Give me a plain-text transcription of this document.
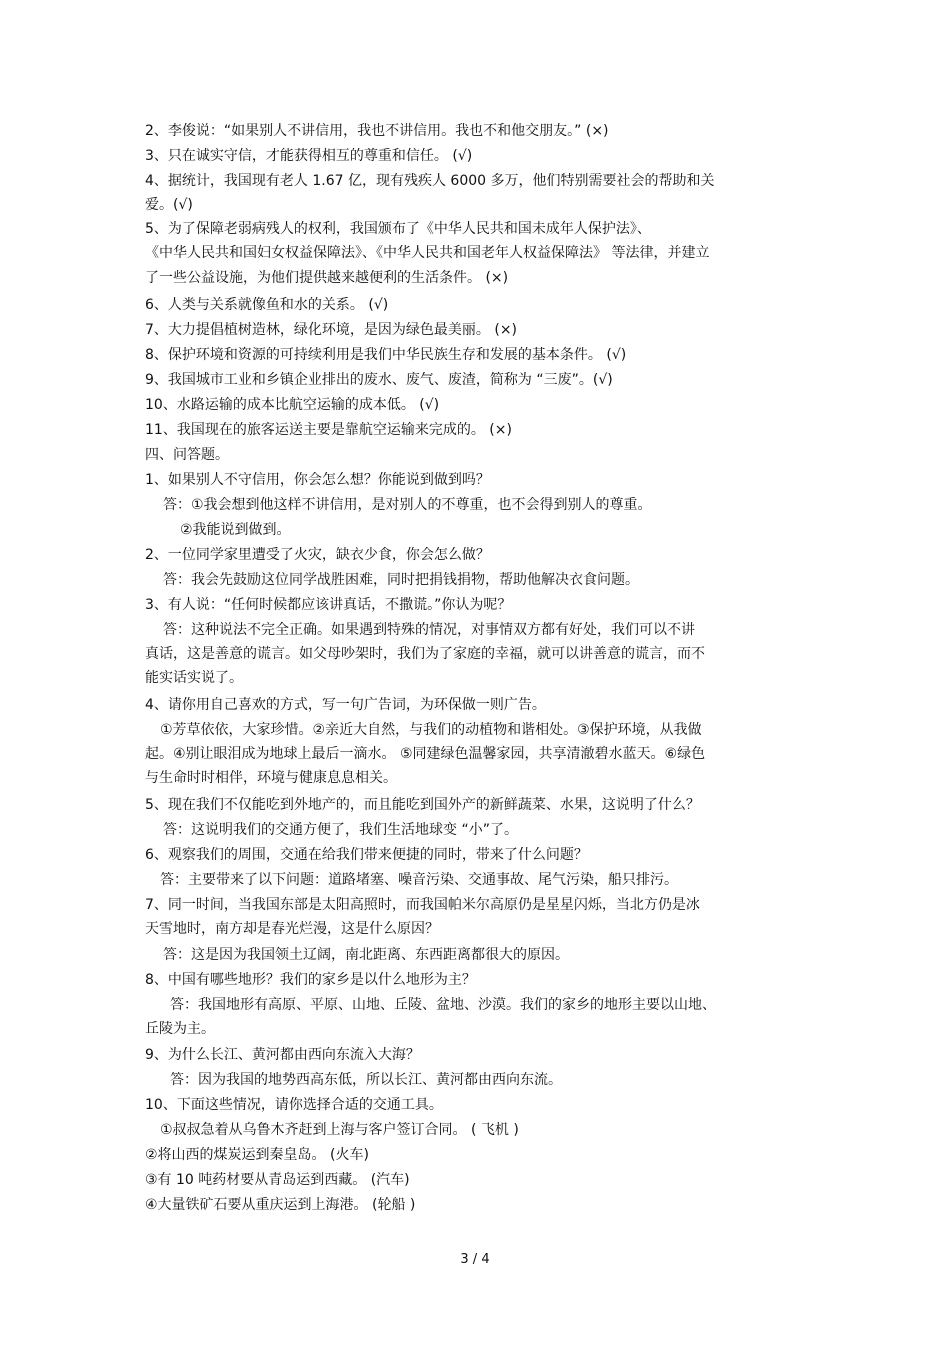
2、李俊说：“如果别人不讲信用，我也不讲信用。我也不和他交朋友。” (×)
3、只在诚实守信，才能获得相互的尊重和信任。 (√)
4、据统计，我国现有老人 1.67 亿，现有残疾人 6000 多万，他们特别需要社会的帮助和关
爱。(√)
5、为了保障老弱病残人的权利，我国颁布了《中华人民共和国未成年人保护法》、
《中华人民共和国妇女权益保障法》、《中华人民共和国老年人权益保障法》 等法律，并建立
了一些公益设施，为他们提供越来越便利的生活条件。 (×)
6、人类与关系就像鱼和水的关系。 (√)
7、大力提倡植树造林，绿化环境，是因为绿色最美丽。 (×)
8、保护环境和资源的可持续利用是我们中华民族生存和发展的基本条件。 (√)
9、我国城市工业和乡镇企业排出的废水、废气、废渣，简称为 “三废”。(√)
10、水路运输的成本比航空运输的成本低。 (√)
11、我国现在的旅客运送主要是靠航空运输来完成的。 (×)
四、问答题。
1、如果别人不守信用，你会怎么想？你能说到做到吗？
答：①我会想到他这样不讲信用，是对别人的不尊重，也不会得到别人的尊重。
②我能说到做到。
2、一位同学家里遭受了火灾，缺衣少食，你会怎么做？
答：我会先鼓励这位同学战胜困难，同时把捐钱捐物，帮助他解决衣食问题。
3、有人说：“任何时候都应该讲真话，不撒谎。”你认为呢？
答：这种说法不完全正确。如果遇到特殊的情况，对事情双方都有好处，我们可以不讲
真话，这是善意的谎言。如父母吵架时，我们为了家庭的幸福，就可以讲善意的谎言，而不
能实话实说了。
4、请你用自己喜欢的方式，写一句广告词，为环保做一则广告。
①芳草依依，大家珍惜。②亲近大自然，与我们的动植物和谐相处。③保护环境，从我做
起。④别让眼泪成为地球上最后一滴水。 ⑤同建绿色温馨家园，共享清澈碧水蓝天。⑥绿色
与生命时时相伴，环境与健康息息相关。
5、现在我们不仅能吃到外地产的，而且能吃到国外产的新鲜蔬菜、水果，这说明了什么？
答：这说明我们的交通方便了，我们生活地球变 “小”了。
6、观察我们的周围，交通在给我们带来便捷的同时，带来了什么问题？
答：主要带来了以下问题：道路堵塞、噪音污染、交通事故、尾气污染，船只排污。
7、同一时间，当我国东部是太阳高照时，而我国帕米尔高原仍是星星闪烁，当北方仍是冰
天雪地时，南方却是春光烂漫，这是什么原因？
答：这是因为我国领土辽阔，南北距离、东西距离都很大的原因。
8、中国有哪些地形？我们的家乡是以什么地形为主？
答：我国地形有高原、平原、山地、丘陵、盆地、沙漠。我们的家乡的地形主要以山地、
丘陵为主。
9、为什么长江、黄河都由西向东流入大海？
答：因为我国的地势西高东低，所以长江、黄河都由西向东流。
10、下面这些情况，请你选择合适的交通工具。
①叔叔急着从乌鲁木齐赶到上海与客户签订合同。 ( 飞机 )
②将山西的煤炭运到秦皇岛。 (火车)
③有 10 吨药材要从青岛运到西藏。 (汽车)
④大量铁矿石要从重庆运到上海港。 (轮船 )
3 / 4
